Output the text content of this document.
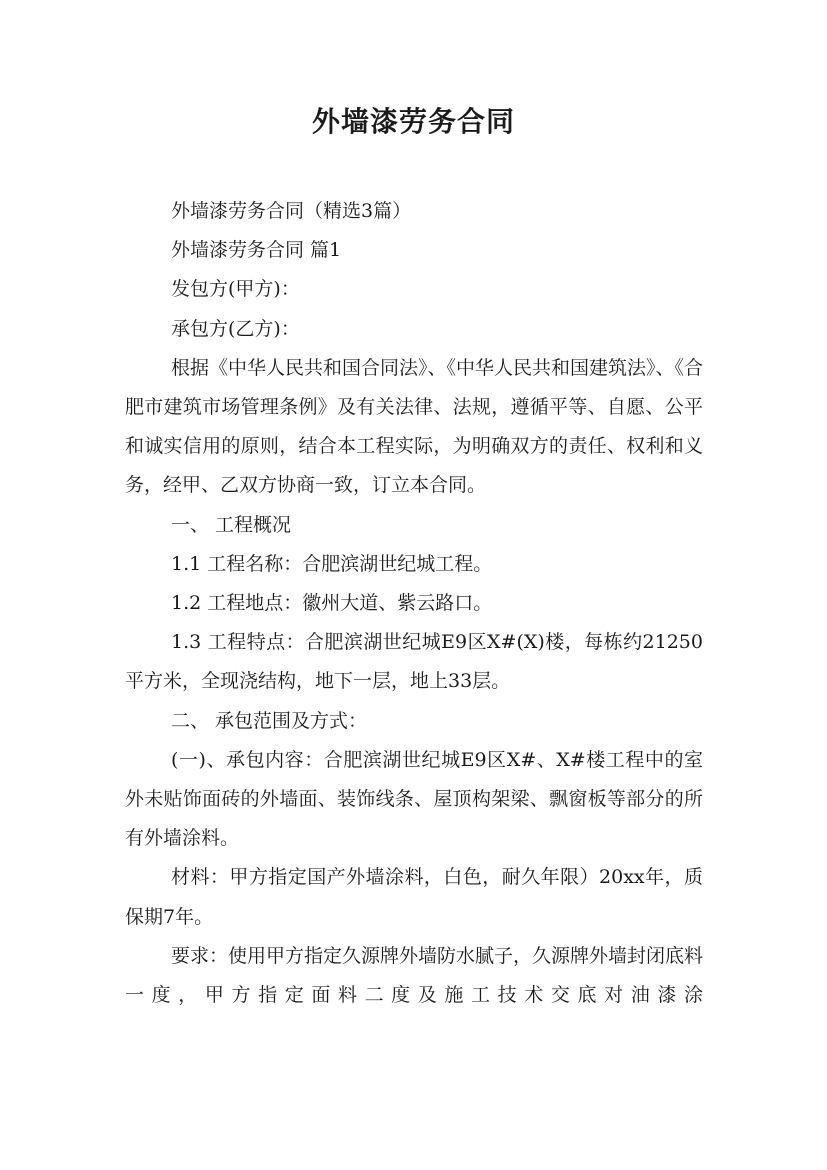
外墙漆劳务合同

外墙漆劳务合同（精选3篇）

外墙漆劳务合同 篇1

发包方(甲方)：

承包方(乙方)：

根据《中华人民共和国合同法》、《中华人民共和国建筑法》、《合肥市建筑市场管理条例》及有关法律、法规，遵循平等、自愿、公平和诚实信用的原则，结合本工程实际，为明确双方的责任、权利和义务，经甲、乙双方协商一致，订立本合同。

一、 工程概况

1.1 工程名称：合肥滨湖世纪城工程。

1.2 工程地点：徽州大道、紫云路口。

1.3 工程特点：合肥滨湖世纪城E9区X#(X)楼，每栋约21250平方米，全现浇结构，地下一层，地上33层。

二、 承包范围及方式：

(一)、承包内容：合肥滨湖世纪城E9区X#、X#楼工程中的室外未贴饰面砖的外墙面、装饰线条、屋顶构架梁、飘窗板等部分的所有外墙涂料。

材料：甲方指定国产外墙涂料，白色，耐久年限）20xx年，质保期7年。

要求：使用甲方指定久源牌外墙防水腻子，久源牌外墙封闭底料一度，甲方指定面料二度及施工技术交底对油漆涂
